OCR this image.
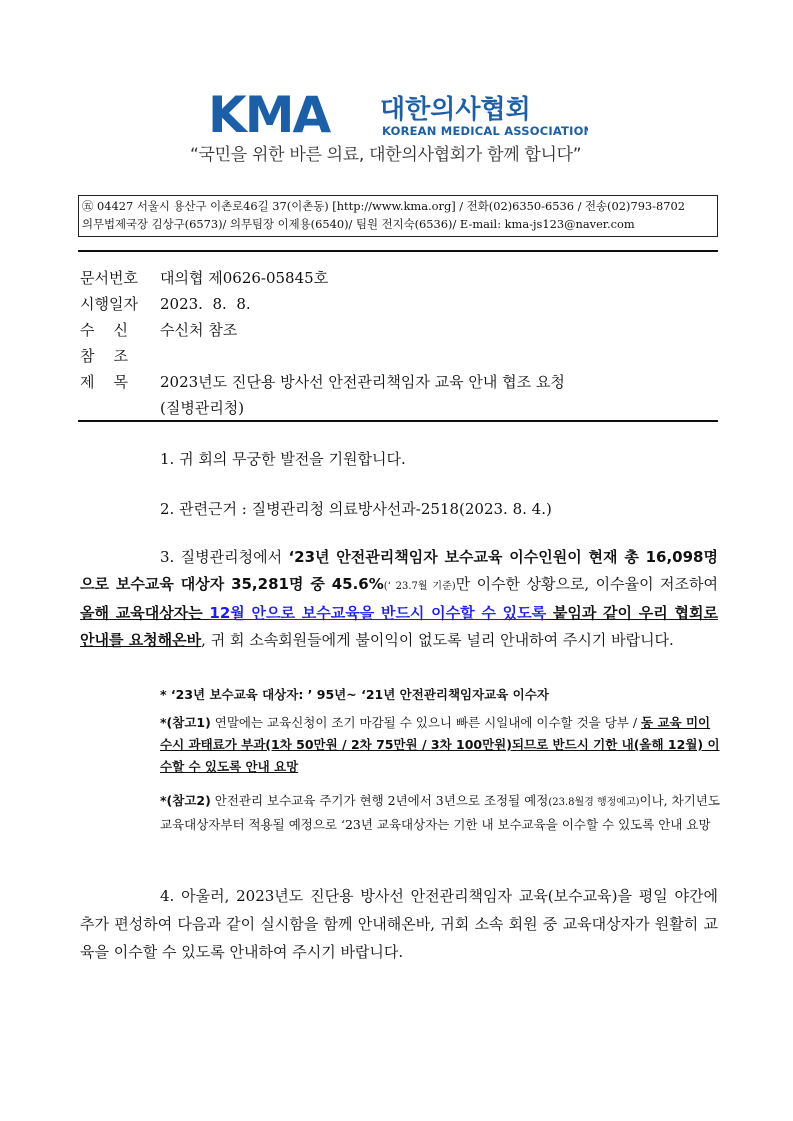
KMA 대한의사협회
KOREAN MEDICAL ASSOCIATION
“국민을 위한 바른 의료, 대한의사협회가 함께 합니다”
㊄ 04427 서울시 용산구 이촌로46길 37(이촌동) [http://www.kma.org] / 전화(02)6350-6536 / 전송(02)793-8702
의무법제국장 김상구(6573)/ 의무팀장 이제용(6540)/ 팀원 전지숙(6536)/ E-mail: kma-js123@naver.com
문서번호 대의협 제0626-05845호
시행일자 2023.  8.  8.
수    신 수신처 참조
참    조
제    목 2023년도 진단용 방사선 안전관리책임자 교육 안내 협조 요청
(질병관리청)
1. 귀 회의 무궁한 발전을 기원합니다.
2. 관련근거 : 질병관리청 의료방사선과-2518(2023. 8. 4.)
3. 질병관리청에서 ‘23년 안전관리책임자 보수교육 이수인원이 현재 총 16,098명으로 보수교육 대상자 35,281명 중 45.6%(‘ 23.7월 기준)만 이수한 상황으로, 이수율이 저조하여 올해 교육대상자는 12월 안으로 보수교육을 반드시 이수할 수 있도록 붙임과 같이 우리 협회로 안내를 요청해온바, 귀 회 소속회원들에게 불이익이 없도록 널리 안내하여 주시기 바랍니다.
* ‘23년 보수교육 대상자: ’ 95년~ ‘21년 안전관리책임자교육 이수자
*(참고1) 연말에는 교육신청이 조기 마감될 수 있으니 빠른 시일내에 이수할 것을 당부 / 동 교육 미이수시 과태료가 부과(1차 50만원 / 2차 75만원 / 3차 100만원)되므로 반드시 기한 내(올해 12월) 이수할 수 있도록 안내 요망
*(참고2) 안전관리 보수교육 주기가 현행 2년에서 3년으로 조정될 예정(23.8월경 행정예고)이나, 차기년도 교육대상자부터 적용될 예정으로 ‘23년 교육대상자는 기한 내 보수교육을 이수할 수 있도록 안내 요망
4. 아울러, 2023년도 진단용 방사선 안전관리책임자 교육(보수교육)을 평일 야간에 추가 편성하여 다음과 같이 실시함을 함께 안내해온바, 귀회 소속 회원 중 교육대상자가 원활히 교육을 이수할 수 있도록 안내하여 주시기 바랍니다.
